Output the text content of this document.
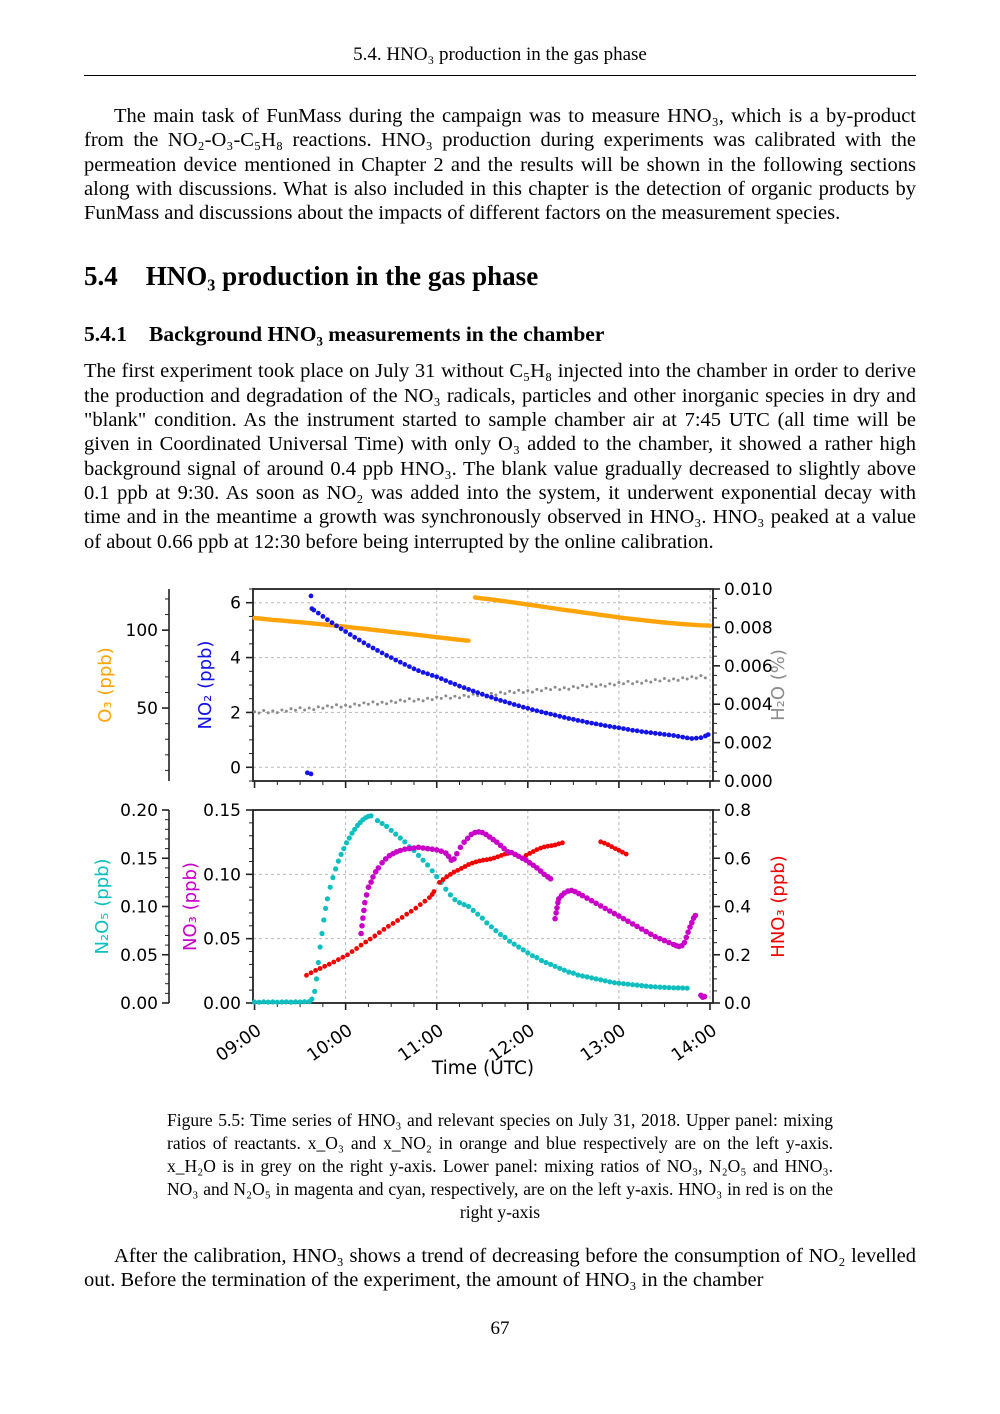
5.4. HNO₃ production in the gas phase

The main task of FunMass during the campaign was to measure HNO₃, which is a by-product from the NO₂-O₃-C₅H₈ reactions. HNO₃ production during experiments was calibrated with the permeation device mentioned in Chapter 2 and the results will be shown in the following sections along with discussions. What is also included in this chapter is the detection of organic products by FunMass and discussions about the impacts of different factors on the measurement species.

5.4 HNO₃ production in the gas phase
5.4.1 Background HNO₃ measurements in the chamber

The first experiment took place on July 31 without C₅H₈ injected into the chamber in order to derive the production and degradation of the NO₃ radicals, particles and other inorganic species in dry and "blank" condition. As the instrument started to sample chamber air at 7:45 UTC (all time will be given in Coordinated Universal Time) with only O₃ added to the chamber, it showed a rather high background signal of around 0.4 ppb HNO₃. The blank value gradually decreased to slightly above 0.1 ppb at 9:30. As soon as NO₂ was added into the system, it underwent exponential decay with time and in the meantime a growth was synchronously observed in HNO₃. HNO₃ peaked at a value of about 0.66 ppb at 12:30 before being interrupted by the online calibration.

50
100
O₃ (ppb)
0
2
4
6
NO₂ (ppb)
0.000
0.002
0.004
0.006
0.008
0.010
H₂O (%)
0.00
0.05
0.10
0.15
0.20
N₂O₅ (ppb)
0.00
0.05
0.10
0.15
NO₃ (ppb)
0.0
0.2
0.4
0.6
0.8
HNO₃ (ppb)
09:00 10:00 11:00 12:00 13:00 14:00
Time (UTC)
Figure 5.5: Time series of HNO₃ and relevant species on July 31, 2018. Upper panel: mixing ratios of reactants. x_O₃ and x_NO₂ in orange and blue respectively are on the left y-axis. x_H₂O is in grey on the right y-axis. Lower panel: mixing ratios of NO₃, N₂O₅ and HNO₃. NO₃ and N₂O₅ in magenta and cyan, respectively, are on the left y-axis. HNO₃ in red is on the right y-axis

After the calibration, HNO₃ shows a trend of decreasing before the consumption of NO₂ levelled out. Before the termination of the experiment, the amount of HNO₃ in the chamber

67
